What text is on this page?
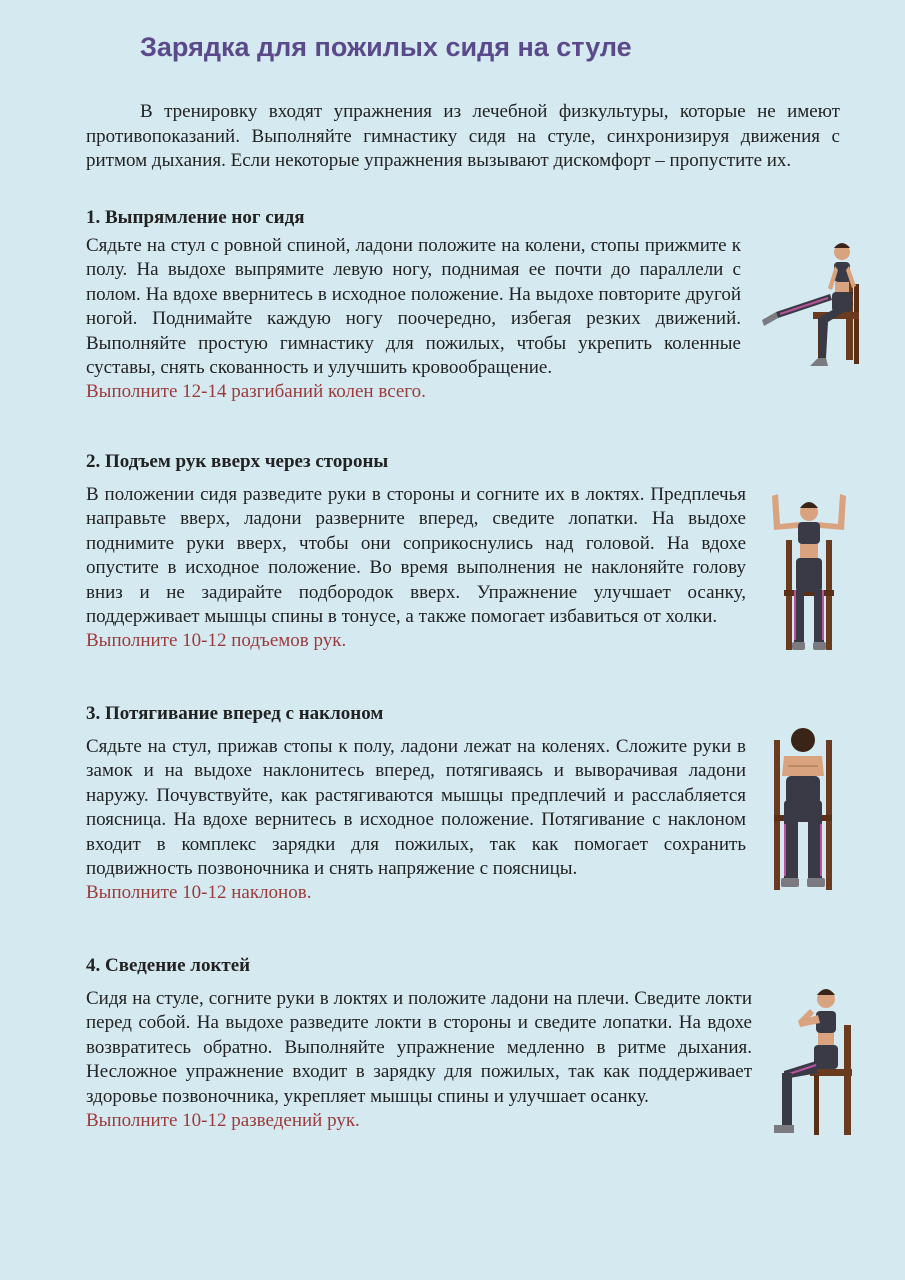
Зарядка для пожилых сидя на стуле

В тренировку входят упражнения из лечебной физкультуры, которые не имеют противопоказаний. Выполняйте гимнастику сидя на стуле, синхронизируя движения с ритмом дыхания. Если некоторые упражнения вызывают дискомфорт – пропустите их.

1. Выпрямление ног сидя

Сядьте на стул с ровной спиной, ладони положите на колени, стопы прижмите к полу. На выдохе выпрямите левую ногу, поднимая ее почти до параллели с полом. На вдохе ввернитесь в исходное положение. На выдохе повторите другой ногой. Поднимайте каждую ногу поочередно, избегая резких движений. Выполняйте простую гимнастику для пожилых, чтобы укрепить коленные суставы, снять скованность и улучшить кровообращение.

Выполните 12-14 разгибаний колен всего.

2. Подъем рук вверх через стороны

В положении сидя разведите руки в стороны и согните их в локтях. Предплечья направьте вверх, ладони разверните вперед, сведите лопатки. На выдохе поднимите руки вверх, чтобы они соприкоснулись над головой. На вдохе опустите в исходное положение. Во время выполнения не наклоняйте голову вниз и не задирайте подбородок вверх. Упражнение улучшает осанку, поддерживает мышцы спины в тонусе, а также помогает избавиться от холки.

Выполните 10-12 подъемов рук.

3. Потягивание вперед с наклоном

Сядьте на стул, прижав стопы к полу, ладони лежат на коленях. Сложите руки в замок и на выдохе наклонитесь вперед, потягиваясь и выворачивая ладони наружу. Почувствуйте, как растягиваются мышцы предплечий и расслабляется поясница. На вдохе вернитесь в исходное положение. Потягивание с наклоном входит в комплекс зарядки для пожилых, так как помогает сохранить подвижность позвоночника и снять напряжение с поясницы.

Выполните 10-12 наклонов.

4. Сведение локтей

Сидя на стуле, согните руки в локтях и положите ладони на плечи. Сведите локти перед собой. На выдохе разведите локти в стороны и сведите лопатки. На вдохе возвратитесь обратно. Выполняйте упражнение медленно в ритме дыхания. Несложное упражнение входит в зарядку для пожилых, так как поддерживает здоровье позвоночника, укрепляет мышцы спины и улучшает осанку.

Выполните 10-12 разведений рук.
